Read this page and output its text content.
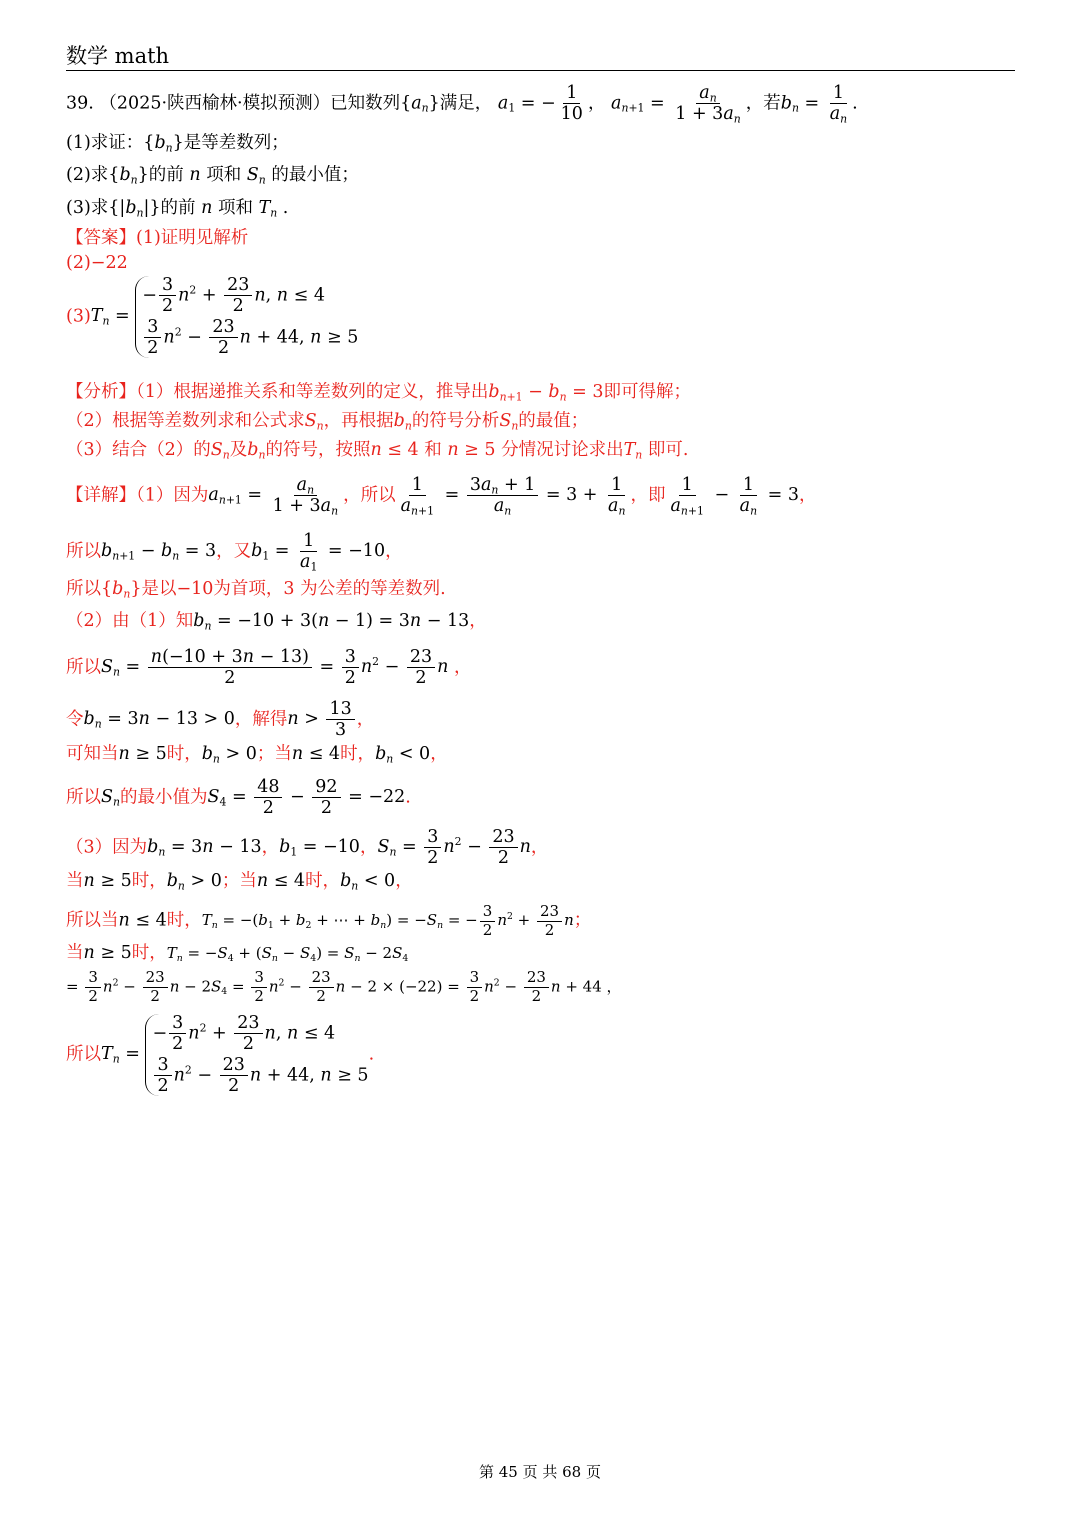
数学 math
39. （2025·陕西榆林·模拟预测）已知数列$\{a_n\}$满足， $a_1$ = − $\frac{1}{10}$ ， $a_{n+1} = \frac{a_n}{1 + 3a_n}$ ，若$b_n = \frac{1}{a_n}$ .
(1)求证：$\{b_n\}$是等差数列；
(2)求$\{b_n\}$的前 n 项和 $S_n$ 的最小值；
(3)求$\{|b_n|\}$的前 n 项和 $T_n$ .
【答案】(1)证明见解析
(2)−22
$(3)T_n$ =
− $\frac{3}{2} n^2 + \frac{23}{2} n$, n ≤ 4
$\frac{3}{2} n^2 - \frac{23}{2}$ n + 44, n ≥ 5
【分析】（1）根据递推关系和等差数列的定义，推导出$b_{n+1} - b_n = 3$即可得解；
（2）根据等差数列求和公式求$S_n$，再根据$b_n$的符号分析$S_n$的最值；
（3）结合（2）的$S_n$及$b_n$的符号，按照n ≤ 4 和 n ≥ 5 分情况讨论求出$T_n$ 即可.
【详解】（1）因为$a_{n+1} = \frac{a_n}{1 + 3a_n}$ ，所以 $\frac{1}{a_{n+1}} = \frac{3a_n + 1}{a_n} = 3 + \frac{1}{a_n}$ ，即 $\frac{1}{a_{n+1}} - \frac{1}{a_n} = 3$，
所以$b_{n+1} - b_n = 3$，又$b_1 = \frac{1}{a_1} = -10$，
所以$\{b_n\}$是以−10为首项，3 为公差的等差数列.
（2）由（1）知$b_n = -10 + 3(n - 1) = 3n - 13$，
所以$S_n = \frac{n(-10 + 3n - 13)}{2} = \frac{3}{2} n^2 - \frac{23}{2}$ n ，
令$b_n = 3n - 13 > 0$，解得$n > \frac{13}{3}$ ，
可知当n ≥ 5时，$b_n > 0$；当n ≤ 4时，$b_n < 0$，
所以$S_n$的最小值为$S_4 = \frac{48}{2} - \frac{92}{2} = -22$.
（3）因为$b_n = 3n - 13$，$b_1 = -10$，$S_n = \frac{3}{2} n^2 - \frac{23}{2}$ n，
当n ≥ 5时，$b_n > 0$；当n ≤ 4时，$b_n < 0$，
所以当n ≤ 4时，$T_n = -(b_1 + b_2$ + ⋯ + $b_n) = -S_n$ = − $\frac{3}{2} n^2 + \frac{23}{2}$ n；
当n ≥ 5时，$T_n = -S_4 + (S_n - S_4) = S_n - 2S_4$
= $\frac{3}{2} n^2 - \frac{23}{2}$ $n - 2S_4 = \frac{3}{2} n^2 - \frac{23}{2}$ $n - 2 \times (-22) = \frac{3}{2} n^2 - \frac{23}{2}$ n + 44 ，
所以$T_n$ =
− $\frac{3}{2} n^2 + \frac{23}{2} n$, n ≤ 4
$\frac{3}{2} n^2 - \frac{23}{2}$ n + 44, n ≥ 5
.
第 45 页 共 68 页
